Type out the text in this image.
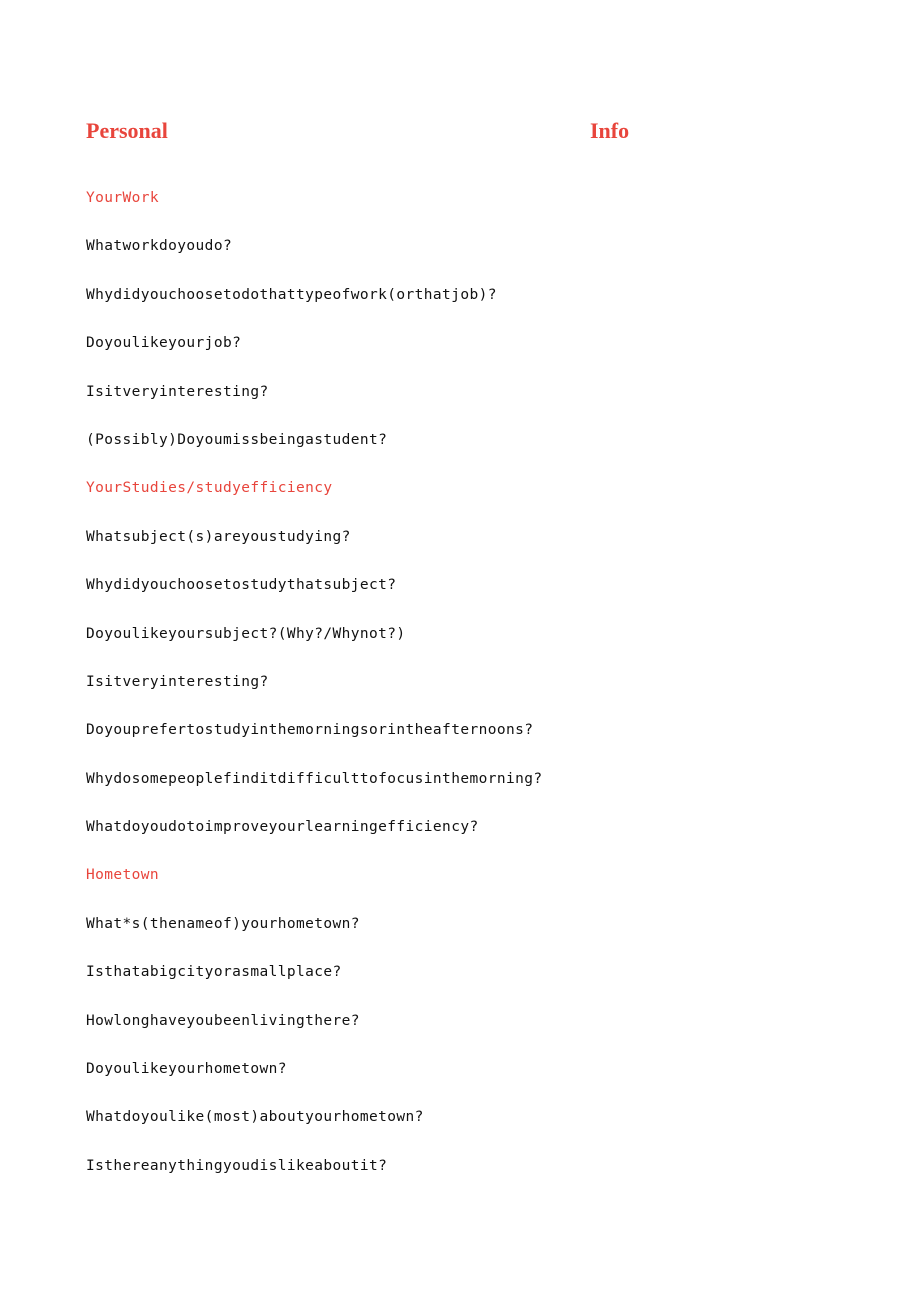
Personal	Info
YourWork
Whatworkdoyoudo?
Whydidyouchoosetodothattypeofwork(orthatjob)?
Doyoulikeyourjob?
Isitveryinteresting?
(Possibly)Doyoumissbeingastudent?
YourStudies/studyefficiency
Whatsubject(s)areyoustudying?
Whydidyouchoosetostudythatsubject?
Doyoulikeyoursubject?(Why?/Whynot?)
Isitveryinteresting?
Doyouprefertostudyinthemorningsorintheafternoons?
Whydosomepeoplefinditdifficulttofocusinthemorning?
Whatdoyoudotoimproveyourlearningefficiency?
Hometown
What*s(thenameof)yourhometown?
Isthatabigcityorasmallplace?
Howlonghaveyoubeenlivingthere?
Doyoulikeyourhometown?
Whatdoyoulike(most)aboutyourhometown?
Isthereanythingyoudislikeaboutit?
